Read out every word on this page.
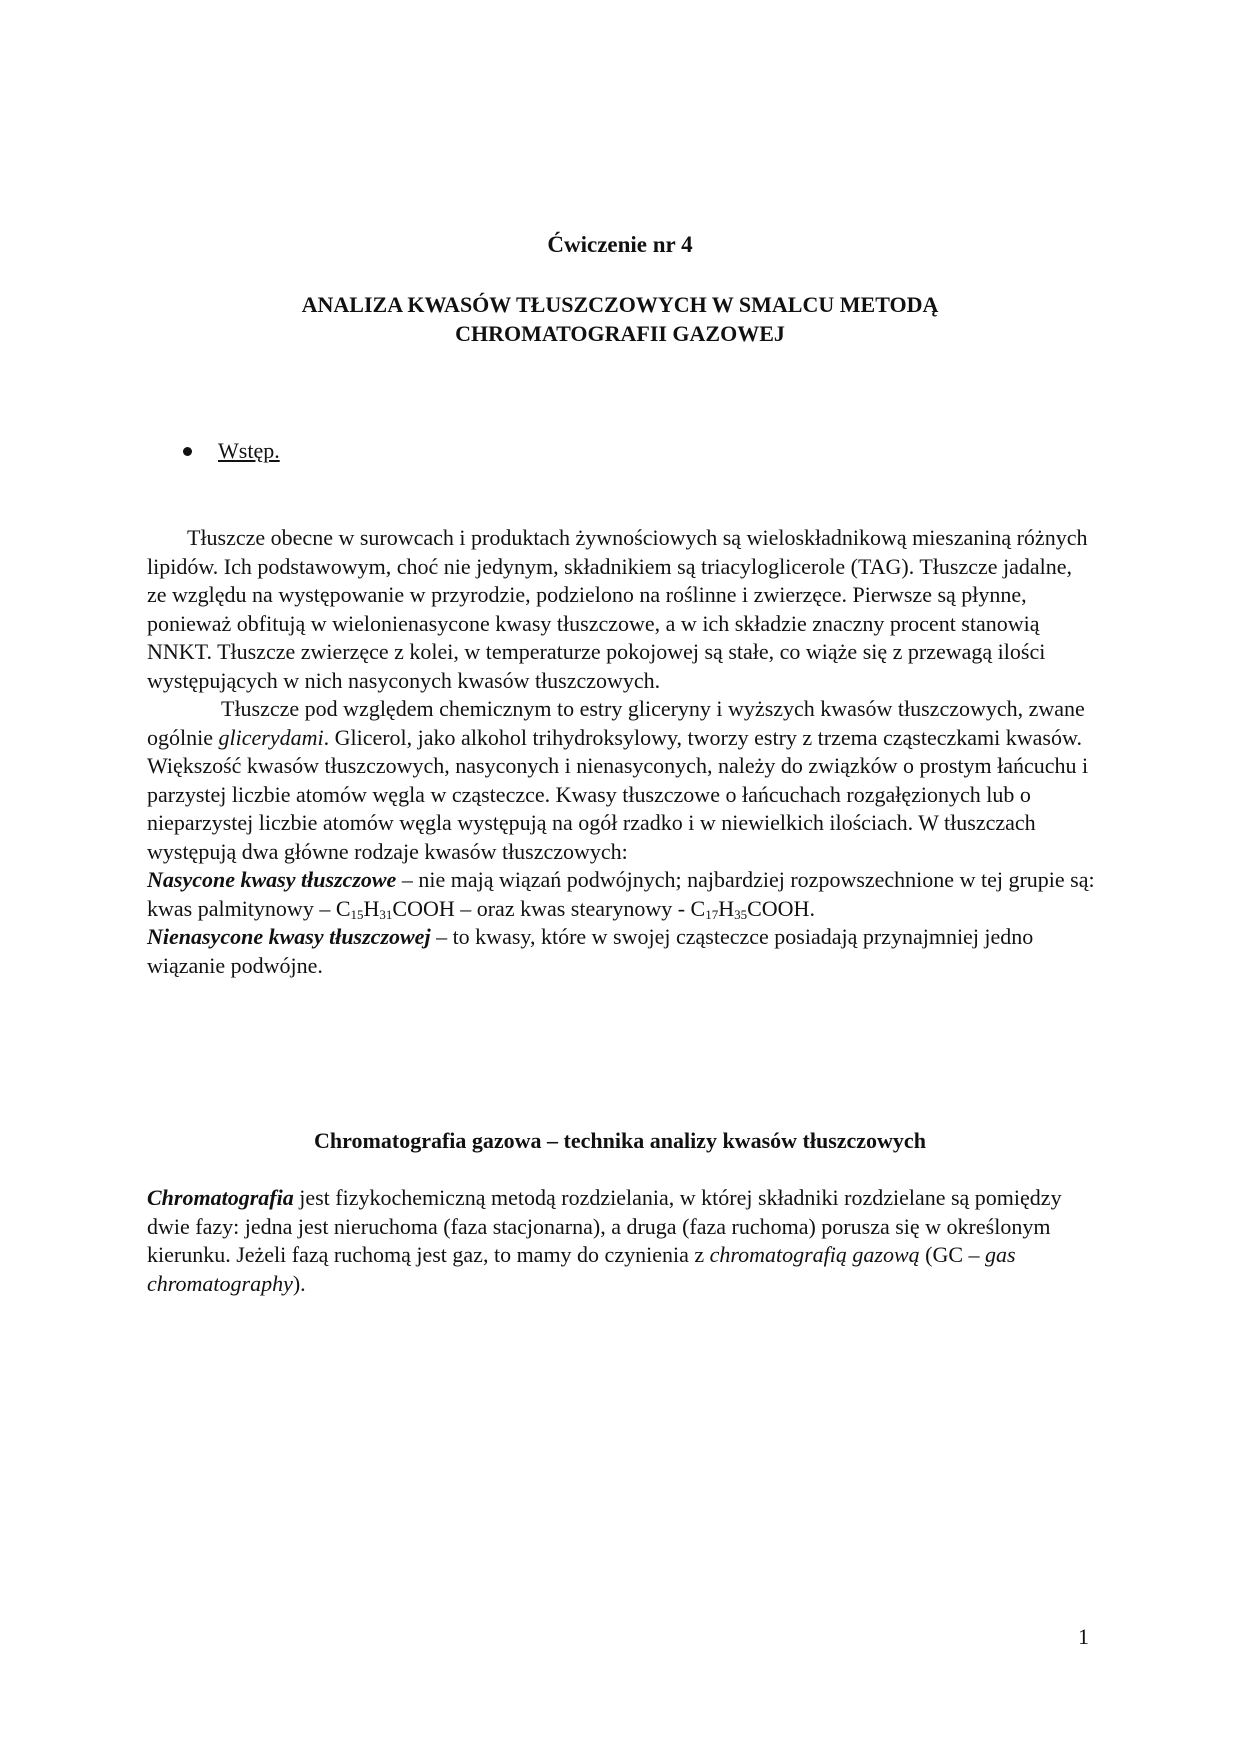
Ćwiczenie nr 4
ANALIZA KWASÓW TŁUSZCZOWYCH W SMALCU METODĄ
CHROMATOGRAFII GAZOWEJ
Wstęp.

Tłuszcze obecne w surowcach i produktach żywnościowych są wieloskładnikową mieszaniną różnych lipidów. Ich podstawowym, choć nie jedynym, składnikiem są triacyloglicerole (TAG). Tłuszcze jadalne, ze względu na występowanie w przyrodzie, podzielono na roślinne i zwierzęce. Pierwsze są płynne, ponieważ obfitują w wielonienasycone kwasy tłuszczowe, a w ich składzie znaczny procent stanowią NNKT. Tłuszcze zwierzęce z kolei, w temperaturze pokojowej są stałe, co wiąże się z przewagą ilości występujących w nich nasyconych kwasów tłuszczowych.

Tłuszcze pod względem chemicznym to estry gliceryny i wyższych kwasów tłuszczowych, zwane ogólnie glicerydami. Glicerol, jako alkohol trihydroksylowy, tworzy estry z trzema cząsteczkami kwasów. Większość kwasów tłuszczowych, nasyconych i nienasyconych, należy do związków o prostym łańcuchu i parzystej liczbie atomów węgla w cząsteczce. Kwasy tłuszczowe o łańcuchach rozgałęzionych lub o nieparzystej liczbie atomów węgla występują na ogół rzadko i w niewielkich ilościach. W tłuszczach występują dwa główne rodzaje kwasów tłuszczowych:

Nasycone kwasy tłuszczowe – nie mają wiązań podwójnych; najbardziej rozpowszechnione w tej grupie są: kwas palmitynowy – $C_{15}H_{31}COOH$ – oraz kwas stearynowy - $C_{17}H_{35}COOH$.

Nienasycone kwasy tłuszczowej – to kwasy, które w swojej cząsteczce posiadają przynajmniej jedno wiązanie podwójne.

Chromatografia gazowa – technika analizy kwasów tłuszczowych

Chromatografia jest fizykochemiczną metodą rozdzielania, w której składniki rozdzielane są pomiędzy dwie fazy: jedna jest nieruchoma (faza stacjonarna), a druga (faza ruchoma) porusza się w określonym kierunku. Jeżeli fazą ruchomą jest gaz, to mamy do czynienia z chromatografią gazową (GC – gas chromatography).

1
